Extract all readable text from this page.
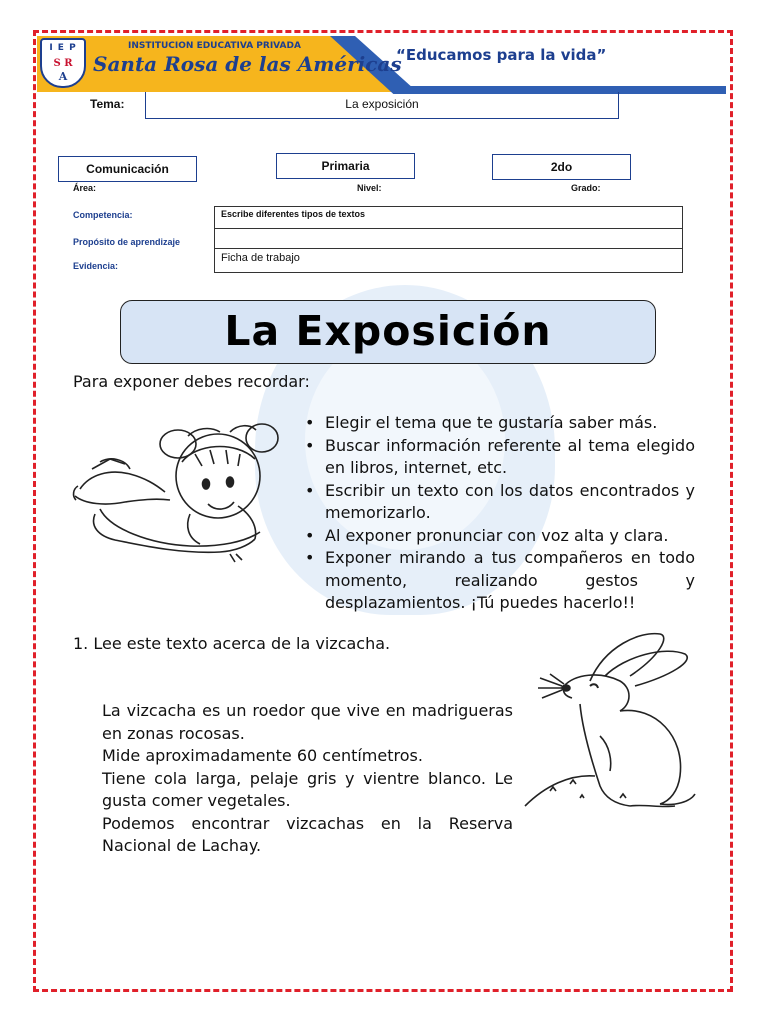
I E P
S R
A
INSTITUCION EDUCATIVA PRIVADA
Santa Rosa de las Américas
“Educamos para la vida”
Tema:	La exposición
Comunicación
Área:
Primaria
Nivel:
2do
Grado:
Competencia:
Propósito de aprendizaje
Evidencia:
Escribe diferentes tipos de textos
Ficha de trabajo
La Exposición
Para exponer debes recordar:
• Elegir el tema que te gustaría saber más.
• Buscar información referente al tema elegido en libros, internet, etc.
• Escribir un texto con los datos encontrados y memorizarlo.
• Al exponer pronunciar con voz alta y clara.
• Exponer mirando a tus compañeros en todo momento, realizando gestos y desplazamientos. ¡Tú puedes hacerlo!!
1. Lee este texto acerca de la vizcacha.

La vizcacha es un roedor que vive en madrigueras en zonas rocosas.

Mide aproximadamente 60 centímetros.

Tiene cola larga, pelaje gris y vientre blanco. Le gusta comer vegetales.

Podemos encontrar vizcachas en la Reserva Nacional de Lachay.
